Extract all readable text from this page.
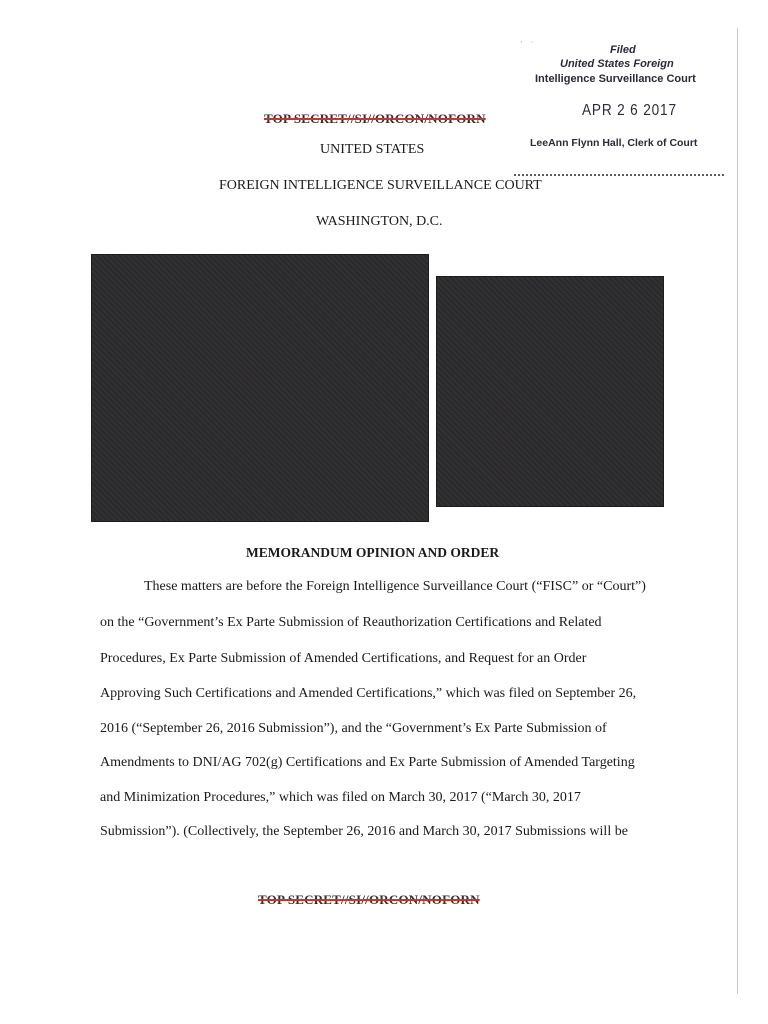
· ·
Filed
United States Foreign
Intelligence Surveillance Court
APR 2 6 2017
LeeAnn Flynn Hall, Clerk of Court
TOP SECRET//SI//ORCON/NOFORN
UNITED STATES
FOREIGN INTELLIGENCE SURVEILLANCE COURT
WASHINGTON, D.C.
MEMORANDUM OPINION AND ORDER
These matters are before the Foreign Intelligence Surveillance Court (“FISC” or “Court”)
on the “Government’s Ex Parte Submission of Reauthorization Certifications and Related
Procedures, Ex Parte Submission of Amended Certifications, and Request for an Order
Approving Such Certifications and Amended Certifications,” which was filed on September 26,
2016 (“September 26, 2016 Submission”), and the “Government’s Ex Parte Submission of
Amendments to DNI/AG 702(g) Certifications and Ex Parte Submission of Amended Targeting
and Minimization Procedures,” which was filed on March 30, 2017 (“March 30, 2017
Submission”). (Collectively, the September 26, 2016 and March 30, 2017 Submissions will be
TOP SECRET//SI//ORCON/NOFORN
